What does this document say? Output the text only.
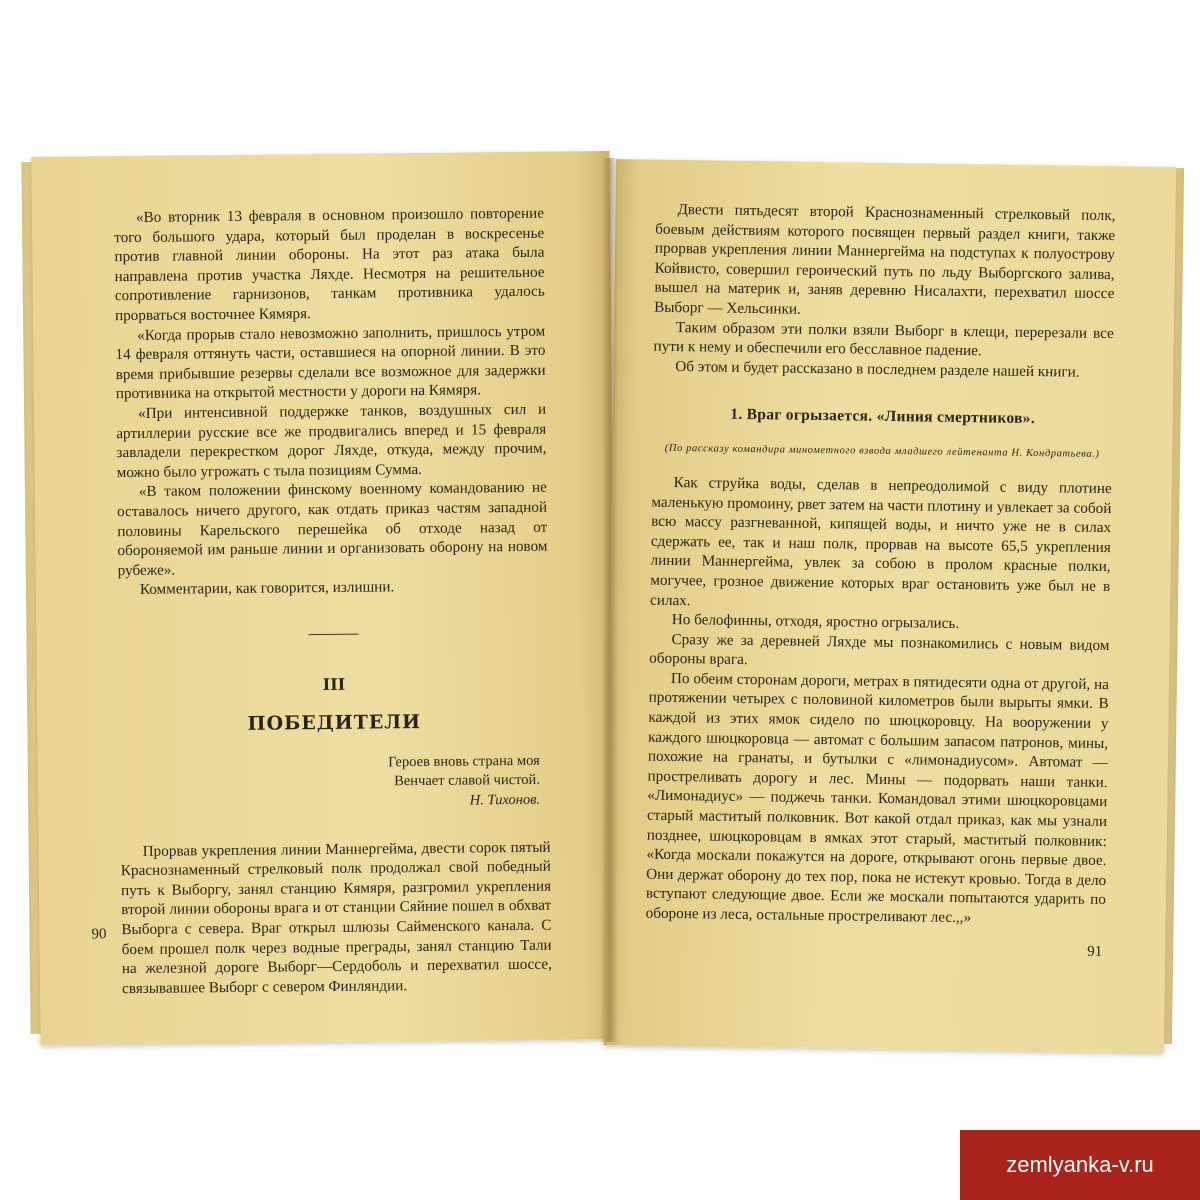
«Во вторник 13 февраля в основном произошло повторение того большого удара, который был проделан в воскресенье против главной линии обороны. На этот раз атака была направлена против участка Ляхде. Несмотря на решительное сопротивление гарнизонов, танкам противника удалось прорваться восточнее Кямяря.

«Когда прорыв стало невозможно заполнить, пришлось утром 14 февраля оттянуть части, оставшиеся на опорной линии. В это время прибывшие резервы сделали все возможное для задержки противника на открытой местности у дороги на Кямяря.

«При интенсивной поддержке танков, воздушных сил и артиллерии русские все же продвигались вперед и 15 февраля завладели перекрестком дорог Ляхде, откуда, между прочим, можно было угрожать с тыла позициям Сумма.

«В таком положении финскому военному командованию не оставалось ничего другого, как отдать приказ частям западной половины Карельского перешейка об отходе назад от обороняемой им раньше линии и организовать оборону на новом рубеже».

Комментарии, как говорится, излишни.

III
ПОБЕДИТЕЛИ
Героев вновь страна моя
Венчает славой чистой.
Н. Тихонов.

Прорвав укрепления линии Маннергейма, двести сорок пятый Краснознаменный стрелковый полк продолжал свой победный путь к Выборгу, занял станцию Кямяря, разгромил укрепления второй линии обороны врага и от станции Сяйние пошел в обхват Выборга с севера. Враг открыл шлюзы Сайменского канала. С боем прошел полк через водные преграды, занял станцию Тали на железной дороге Выборг—Сердоболь и перехватил шоссе, связывавшее Выборг с севером Финляндии.

90

Двести пятьдесят второй Краснознаменный стрелковый полк, боевым действиям которого посвящен первый раздел книги, также прорвав укрепления линии Маннергейма на подступах к полуострову Койвисто, совершил героический путь по льду Выборгского залива, вышел на материк и, заняв деревню Нисалахти, перехватил шоссе Выборг — Хельсинки.

Таким образом эти полки взяли Выборг в клещи, перерезали все пути к нему и обеспечили его бесславное падение.

Об этом и будет рассказано в последнем разделе нашей книги.

1. Враг огрызается. «Линия смертников».
(По рассказу командира минометного взвода младшего лейтенанта Н. Кондратьева.)

Как струйка воды, сделав в непреодолимой с виду плотине маленькую промоину, рвет затем на части плотину и увлекает за собой всю массу разгневанной, кипящей воды, и ничто уже не в силах сдержать ее, так и наш полк, прорвав на высоте 65,5 укрепления линии Маннергейма, увлек за собою в пролом красные полки, могучее, грозное движение которых враг остановить уже был не в силах.

Но белофинны, отходя, яростно огрызались.

Сразу же за деревней Ляхде мы познакомились с новым видом обороны врага.

По обеим сторонам дороги, метрах в пятидесяти одна от другой, на протяжении четырех с половиной километров были вырыты ямки. В каждой из этих ямок сидело по шюцкоровцу. На вооружении у каждого шюцкоровца — автомат с большим запасом патронов, мины, похожие на гранаты, и бутылки с «лимонадиусом». Автомат — простреливать дорогу и лес. Мины — подорвать наши танки. «Лимонадиус» — поджечь танки. Командовал этими шюцкоровцами старый маститый полковник. Вот какой отдал приказ, как мы узнали позднее, шюцкоровцам в ямках этот старый, маститый полковник: «Когда москали покажутся на дороге, открывают огонь первые двое. Они держат оборону до тех пор, пока не истекут кровью. Тогда в дело вступают следующие двое. Если же москали попытаются ударить по обороне из леса, остальные простреливают лес.,,»

91
zemlyanka-v.ru
